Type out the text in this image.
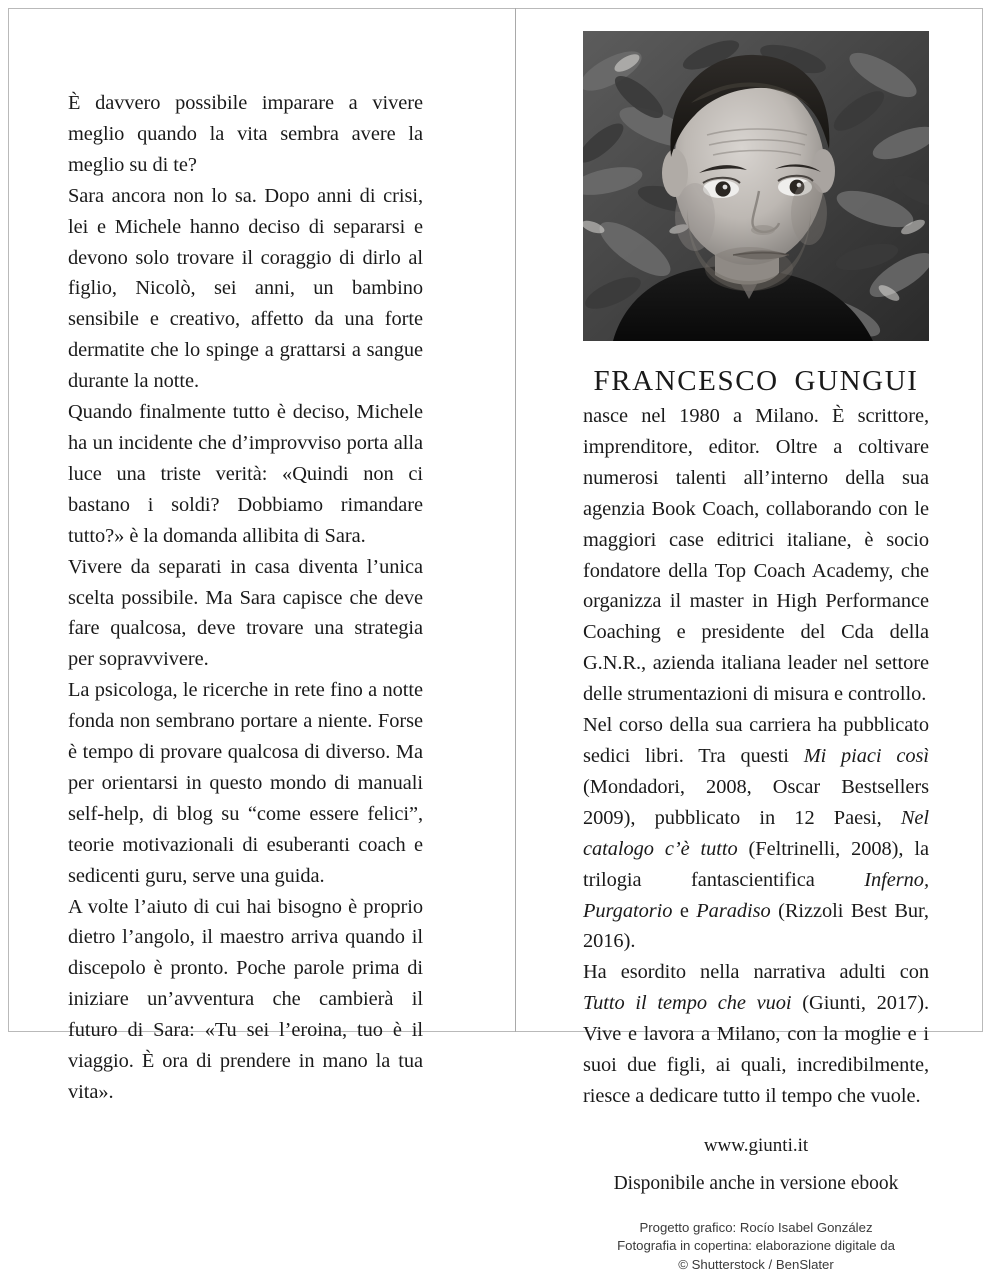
È davvero possibile imparare a vivere meglio quando la vita sembra avere la meglio su di te?

Sara ancora non lo sa. Dopo anni di crisi, lei e Michele hanno deciso di separarsi e devono solo trovare il coraggio di dirlo al figlio, Nicolò, sei anni, un bambino sensibile e creativo, affetto da una forte dermatite che lo spinge a grattarsi a sangue durante la notte.

Quando finalmente tutto è deciso, Michele ha un incidente che d’improvviso porta alla luce una triste verità: «Quindi non ci bastano i soldi? Dobbiamo rimandare tutto?» è la domanda allibita di Sara.

Vivere da separati in casa diventa l’unica scelta possibile. Ma Sara capisce che deve fare qualcosa, deve trovare una strategia per sopravvivere.

La psicologa, le ricerche in rete fino a notte fonda non sembrano portare a niente. Forse è tempo di provare qualcosa di diverso. Ma per orientarsi in questo mondo di manuali self-help, di blog su “come essere felici”, teorie motivazionali di esuberanti coach e sedicenti guru, serve una guida.

A volte l’aiuto di cui hai bisogno è proprio dietro l’angolo, il maestro arriva quando il discepolo è pronto. Poche parole prima di iniziare un’avventura che cambierà il futuro di Sara: «Tu sei l’eroina, tuo è il viaggio. È ora di prendere in mano la tua vita».

FRANCESCO GUNGUI

nasce nel 1980 a Milano. È scrittore, imprenditore, editor. Oltre a coltivare numerosi talenti all’interno della sua agenzia Book Coach, collaborando con le maggiori case editrici italiane, è socio fondatore della Top Coach Academy, che organizza il master in High Performance Coaching e presidente del Cda della G.N.R., azienda italiana leader nel settore delle strumentazioni di misura e controllo.

Nel corso della sua carriera ha pubblicato sedici libri. Tra questi Mi piaci così (Mondadori, 2008, Oscar Bestsellers 2009), pubblicato in 12 Paesi, Nel catalogo c’è tutto (Feltrinelli, 2008), la trilogia fantascientifica Inferno, Purgatorio e Paradiso (Rizzoli Best Bur, 2016).

Ha esordito nella narrativa adulti con Tutto il tempo che vuoi (Giunti, 2017). Vive e lavora a Milano, con la moglie e i suoi due figli, ai quali, incredibilmente, riesce a dedicare tutto il tempo che vuole.

www.giunti.it

Disponibile anche in versione ebook

Progetto grafico: Rocío Isabel González
Fotografia in copertina: elaborazione digitale da
© Shutterstock / BenSlater
